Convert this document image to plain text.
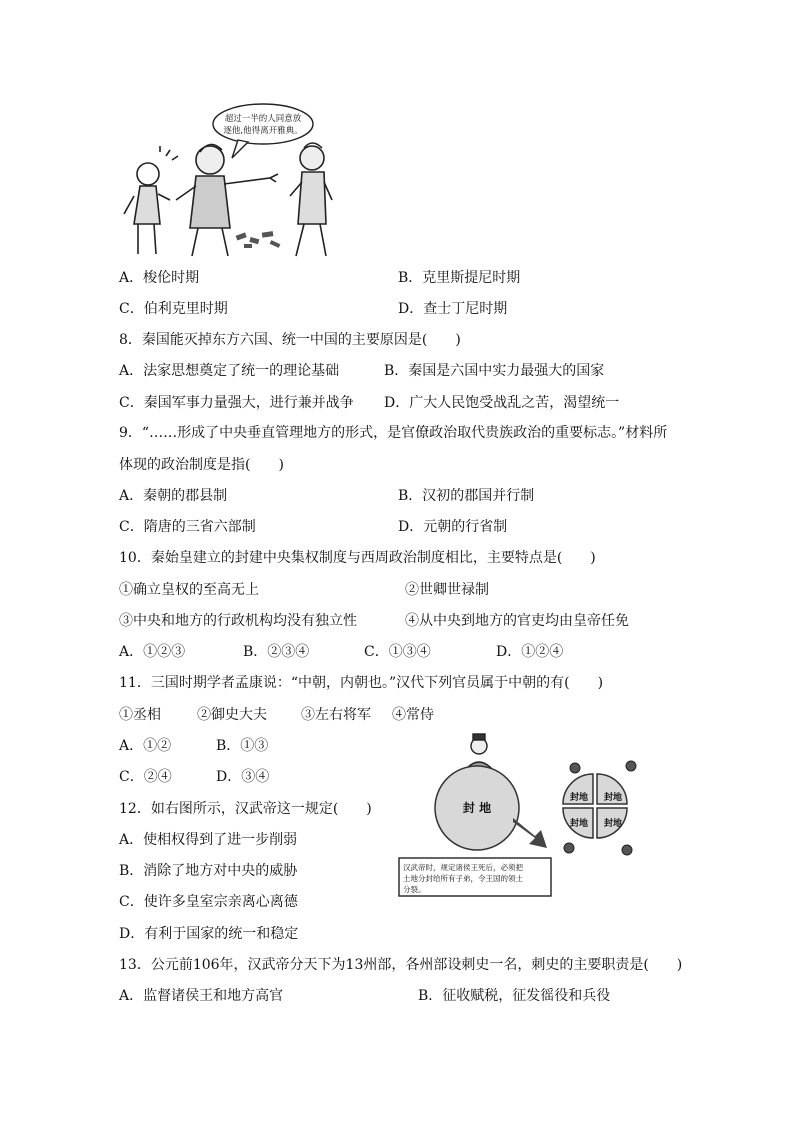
超过一半的人同意放
逐他,他得离开雅典。
A．梭伦时期	B．克里斯提尼时期
C．伯利克里时期	D．查士丁尼时期
8．秦国能灭掉东方六国、统一中国的主要原因是(　　)
A．法家思想奠定了统一的理论基础	B．秦国是六国中实力最强大的国家
C．秦国军事力量强大，进行兼并战争 D．广大人民饱受战乱之苦，渴望统一
9．“……形成了中央垂直管理地方的形式，是官僚政治取代贵族政治的重要标志。”材料所
体现的政治制度是指(　　)
A．秦朝的郡县制	B．汉初的郡国并行制
C．隋唐的三省六部制	D．元朝的行省制
10．秦始皇建立的封建中央集权制度与西周政治制度相比，主要特点是(　　)
①确立皇权的至高无上	②世卿世禄制
③中央和地方的行政机构均没有独立性	④从中央到地方的官吏均由皇帝任免
A．①②③	B．②③④	C．①③④	D．①②④
11．三国时期学者孟康说：“中朝，内朝也。”汉代下列官员属于中朝的有(　　)
①丞相	②御史大夫 ③左右将军 ④常侍
A．①②	B．①③
C．②④	D．③④
封 地
封地 封地
封地 封地
汉武帝时，规定诸侯王死后，必须把
土地分封给所有子弟，令王国的领土
分裂。
12．如右图所示，汉武帝这一规定(　　)
A．使相权得到了进一步削弱
B．消除了地方对中央的威胁
C．使许多皇室宗亲离心离德
D．有利于国家的统一和稳定
13．公元前106年，汉武帝分天下为13州部，各州部设刺史一名，刺史的主要职责是(　　)
A．监督诸侯王和地方高官	B．征收赋税，征发徭役和兵役
